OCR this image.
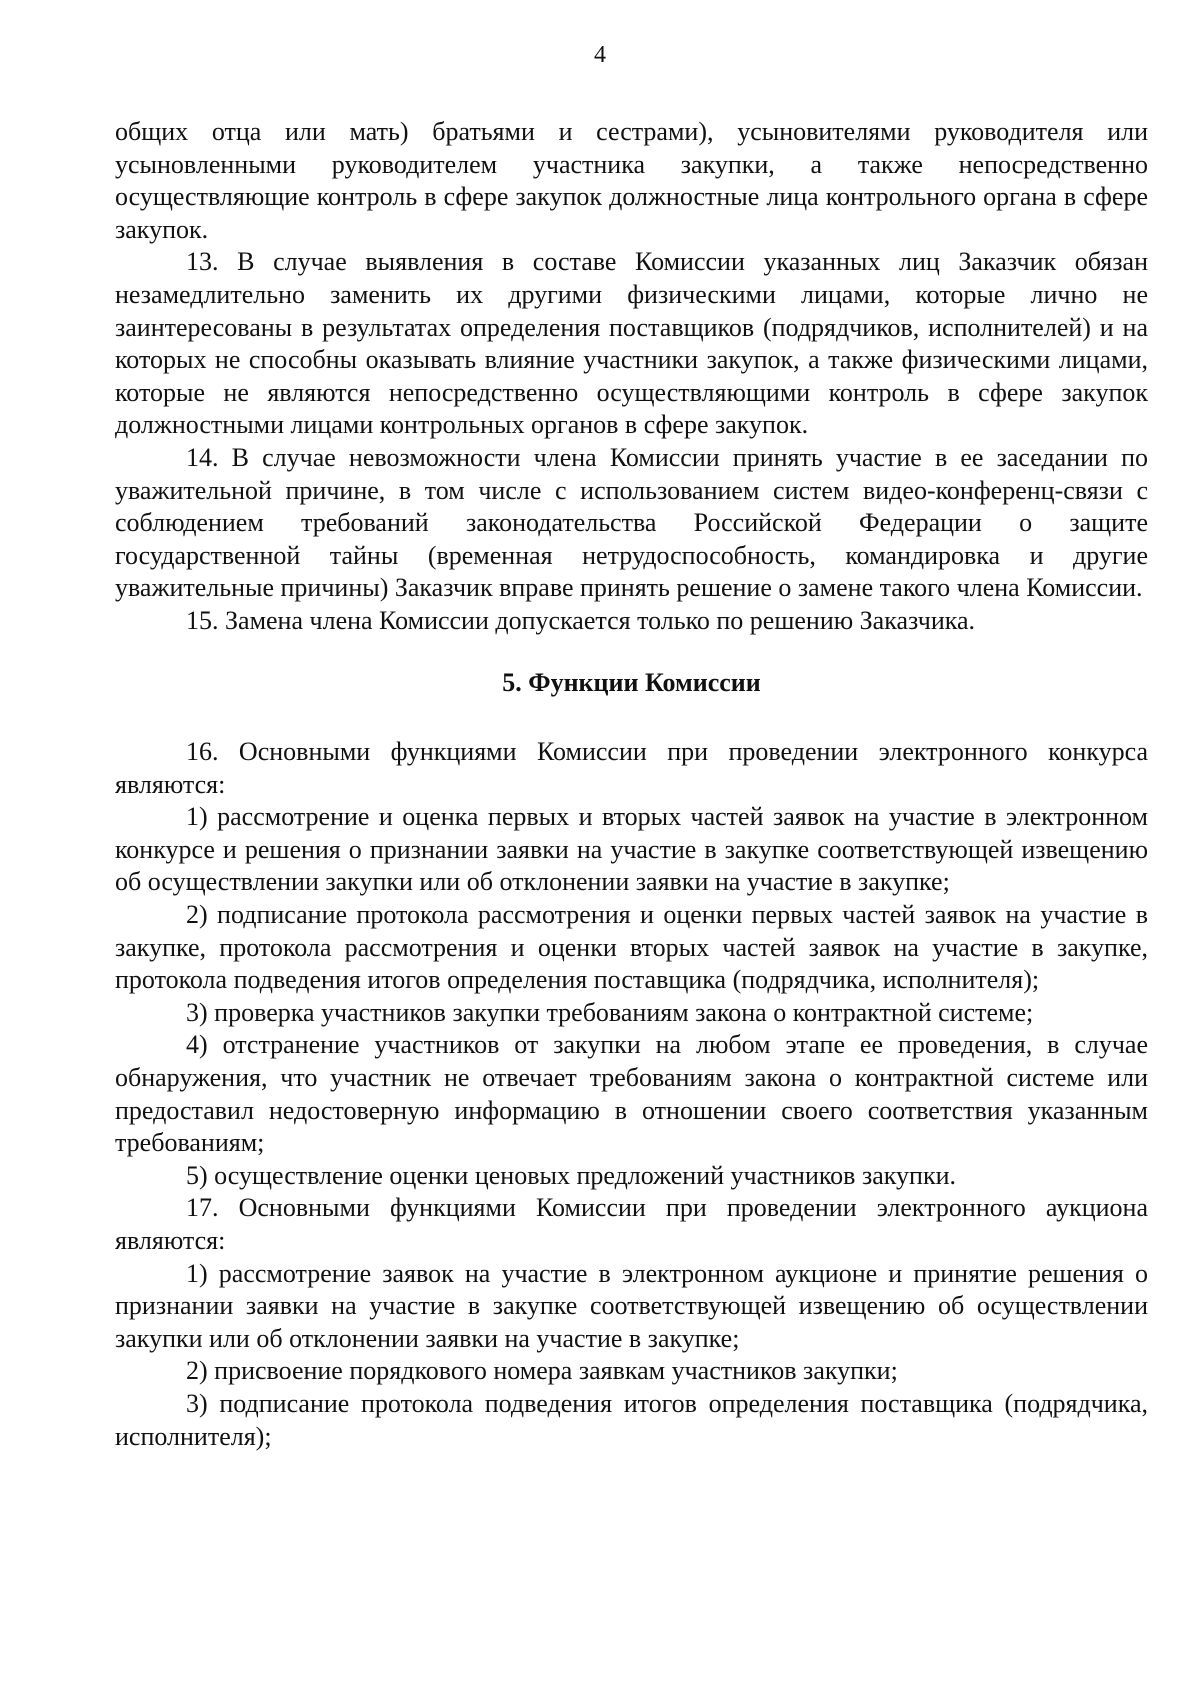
4

общих отца или мать) братьями и сестрами), усыновителями руководителя или усыновленными руководителем участника закупки, а также непосредственно осуществляющие контроль в сфере закупок должностные лица контрольного органа в сфере закупок.

13. В случае выявления в составе Комиссии указанных лиц Заказчик обязан незамедлительно заменить их другими физическими лицами, которые лично не заинтересованы в результатах определения поставщиков (подрядчиков, исполнителей) и на которых не способны оказывать влияние участники закупок, а также физическими лицами, которые не являются непосредственно осуществляющими контроль в сфере закупок должностными лицами контрольных органов в сфере закупок.

14. В случае невозможности члена Комиссии принять участие в ее заседании по уважительной причине, в том числе с использованием систем видео-конференц-связи с соблюдением требований законодательства Российской Федерации о защите государственной тайны (временная нетрудоспособность, командировка и другие уважительные причины) Заказчик вправе принять решение о замене такого члена Комиссии.

15. Замена члена Комиссии допускается только по решению Заказчика.

5. Функции Комиссии

16. Основными функциями Комиссии при проведении электронного конкурса являются:

1) рассмотрение и оценка первых и вторых частей заявок на участие в электронном конкурсе и решения о признании заявки на участие в закупке соответствующей извещению об осуществлении закупки или об отклонении заявки на участие в закупке;

2) подписание протокола рассмотрения и оценки первых частей заявок на участие в закупке, протокола рассмотрения и оценки вторых частей заявок на участие в закупке, протокола подведения итогов определения поставщика (подрядчика, исполнителя);

3) проверка участников закупки требованиям закона о контрактной системе;

4) отстранение участников от закупки на любом этапе ее проведения, в случае обнаружения, что участник не отвечает требованиям закона о контрактной системе или предоставил недостоверную информацию в отношении своего соответствия указанным требованиям;

5) осуществление оценки ценовых предложений участников закупки.

17. Основными функциями Комиссии при проведении электронного аукциона являются:

1) рассмотрение заявок на участие в электронном аукционе и принятие решения о признании заявки на участие в закупке соответствующей извещению об осуществлении закупки или об отклонении заявки на участие в закупке;

2) присвоение порядкового номера заявкам участников закупки;

3) подписание протокола подведения итогов определения поставщика (подрядчика, исполнителя);
